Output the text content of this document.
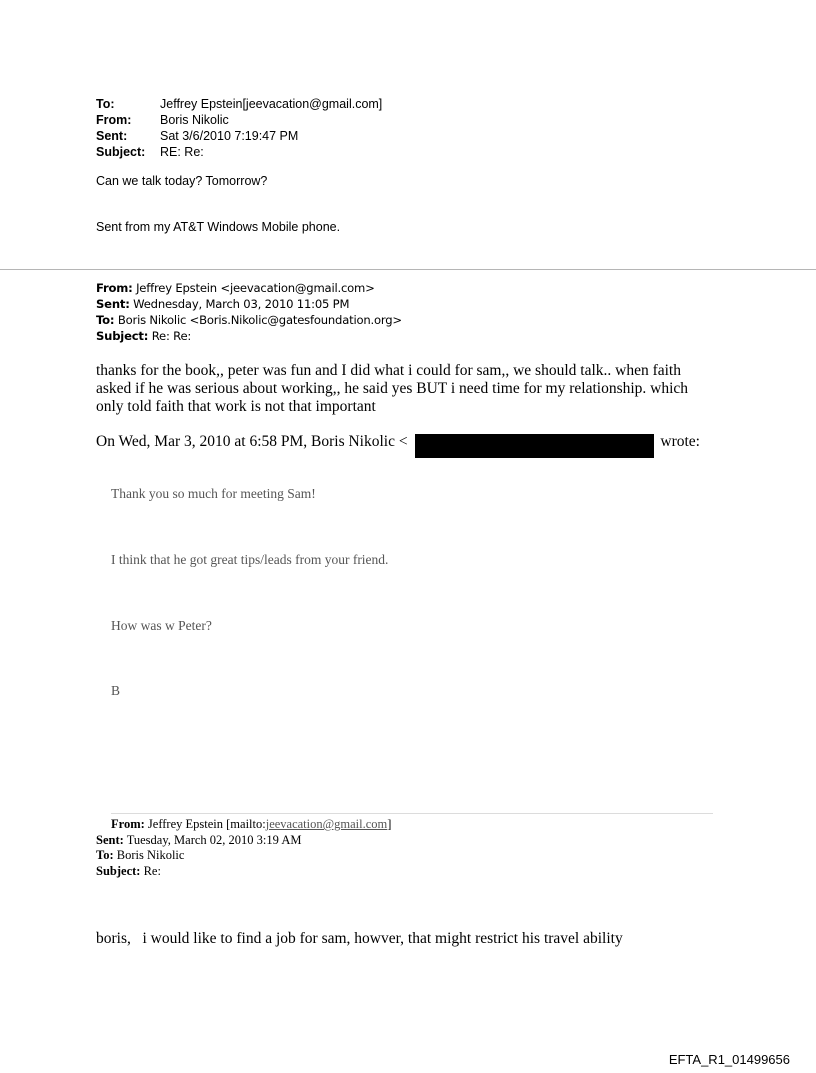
To:	Jeffrey Epstein[jeevacation@gmail.com]
From:	Boris Nikolic
Sent:	Sat 3/6/2010 7:19:47 PM
Subject:	RE: Re:
Can we talk today? Tomorrow?
Sent from my AT&T Windows Mobile phone.
From: Jeffrey Epstein <jeevacation@gmail.com>
Sent: Wednesday, March 03, 2010 11:05 PM
To: Boris Nikolic <Boris.Nikolic@gatesfoundation.org>
Subject: Re: Re:
thanks for the book,, peter was fun and I did what i could for sam,, we should talk.. when faith asked if he was serious about working,, he said yes BUT i need time for my relationship. which only told faith that work is not that important
On Wed, Mar 3, 2010 at 6:58 PM, Boris Nikolic <	wrote:
Thank you so much for meeting Sam!
I think that he got great tips/leads from your friend.
How was w Peter?
B
From: Jeffrey Epstein [mailto:jeevacation@gmail.com]
Sent: Tuesday, March 02, 2010 3:19 AM
To: Boris Nikolic
Subject: Re:
boris,   i would like to find a job for sam, howver, that might restrict his travel ability
EFTA_R1_01499656
